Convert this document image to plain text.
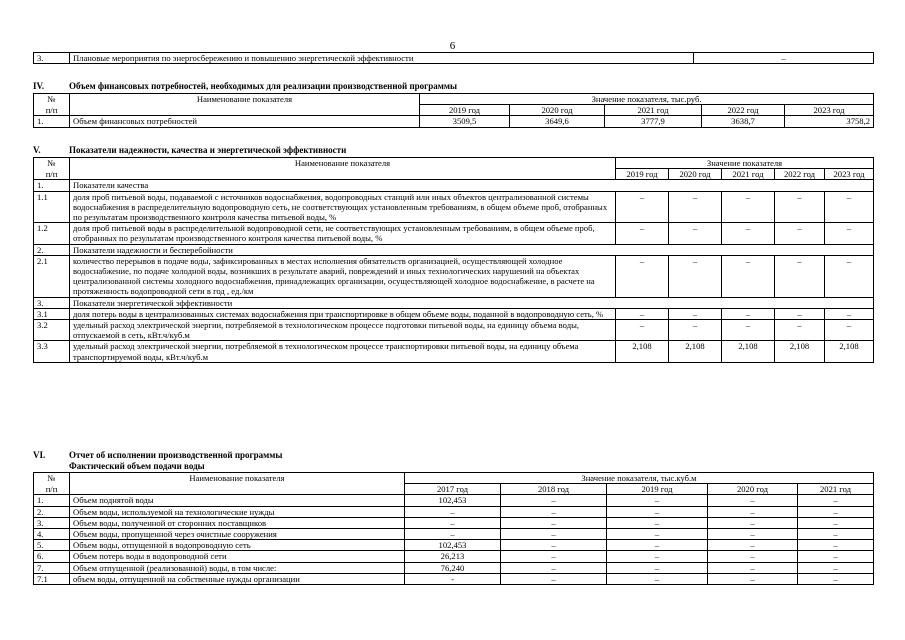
6
3.	Плановые мероприятия по энергосбережению и повышению энергетической эффективности	–
IV.	Объем финансовых потребностей, необходимых для реализации производственной программы
№	Наименование показателя	Значение показателя, тыс.руб.				
п/п		2019 год	2020 год	2021 год	2022 год	2023 год
1.	Объем финансовых потребностей	3509,5	3649,6	3777,9	3638,7	3758,2
V.	Показатели надежности, качества и энергетической эффективности
№	Наименование показателя	Значение показателя				
п/п		2019 год	2020 год	2021 год	2022 год	2023 год
1.	Показатели качества					
1.1	доля проб питьевой воды, подаваемой с источников водоснабжения, водопроводных станций или иных объектов централизованной системы водоснабжения в распределительную водопроводную сеть, не соответствующих установленным требованиям, в общем объеме проб, отобранных по результатам производственного контроля качества питьевой воды, %	–	–	–	–	–
1.2	доля проб питьевой воды в распределительной водопроводной сети, не соответствующих установленным требованиям, в общем объеме проб, отобранных по результатам производственного контроля качества питьевой воды, %	–	–	–	–	–
2.	Показатели надежности и бесперебойности					
2.1	количество перерывов в подаче воды, зафиксированных в местах исполнения обязательств организацией, осуществляющей холодное водоснабжение, по подаче холодной воды, возникших в результате аварий, повреждений и иных технологических нарушений на объектах централизованной системы холодного водоснабжения, принадлежащих организации, осуществляющей холодное водоснабжение, в расчете на протяженность водопроводной сети в год , ед./км	–	–	–	–	–
3.	Показатели энергетической эффективности					
3.1	доля потерь воды в централизованных системах водоснабжения при транспортировке в общем объеме воды, поданной в водопроводную сеть, %	–	–	–	–	–
3.2	удельный расход электрической энергии, потребляемой в технологическом процессе подготовки питьевой воды, на единицу объема воды, отпускаемой в сеть, кВт.ч/куб.м	–	–	–	–	–
3.3	удельный расход электрической энергии, потребляемой в технологическом процессе транспортировки питьевой воды, на единицу объема транспортируемой воды, кВт.ч/куб.м	2,108	2,108	2,108	2,108	2,108
VI.	Отчет об исполнении производственной программы
Фактический объем подачи воды
№	Наименование показателя	Значение показателя, тыс.куб.м				
п/п		2017 год	2018 год	2019 год	2020 год	2021 год
1.	Объем поднятой воды	102,453	–	–	–	–
2.	Объем воды, используемой на технологические нужды	–	–	–	–	–
3.	Объем воды, полученной от сторонних поставщиков	–	–	–	–	–
4.	Объем воды, пропущенной через очистные сооружения	–	–	–	–	–
5.	Объем воды, отпущенной в водопроводную сеть	102,453	–	–	–	–
6.	Объем потерь воды в водопроводной сети	26,213	–	–	–	–
7.	Объем отпущенной (реализованной) воды, в том числе:	76,240	–	–	–	–
7.1	объем воды, отпущенной на собственные нужды организации	-	–	–	–	–
